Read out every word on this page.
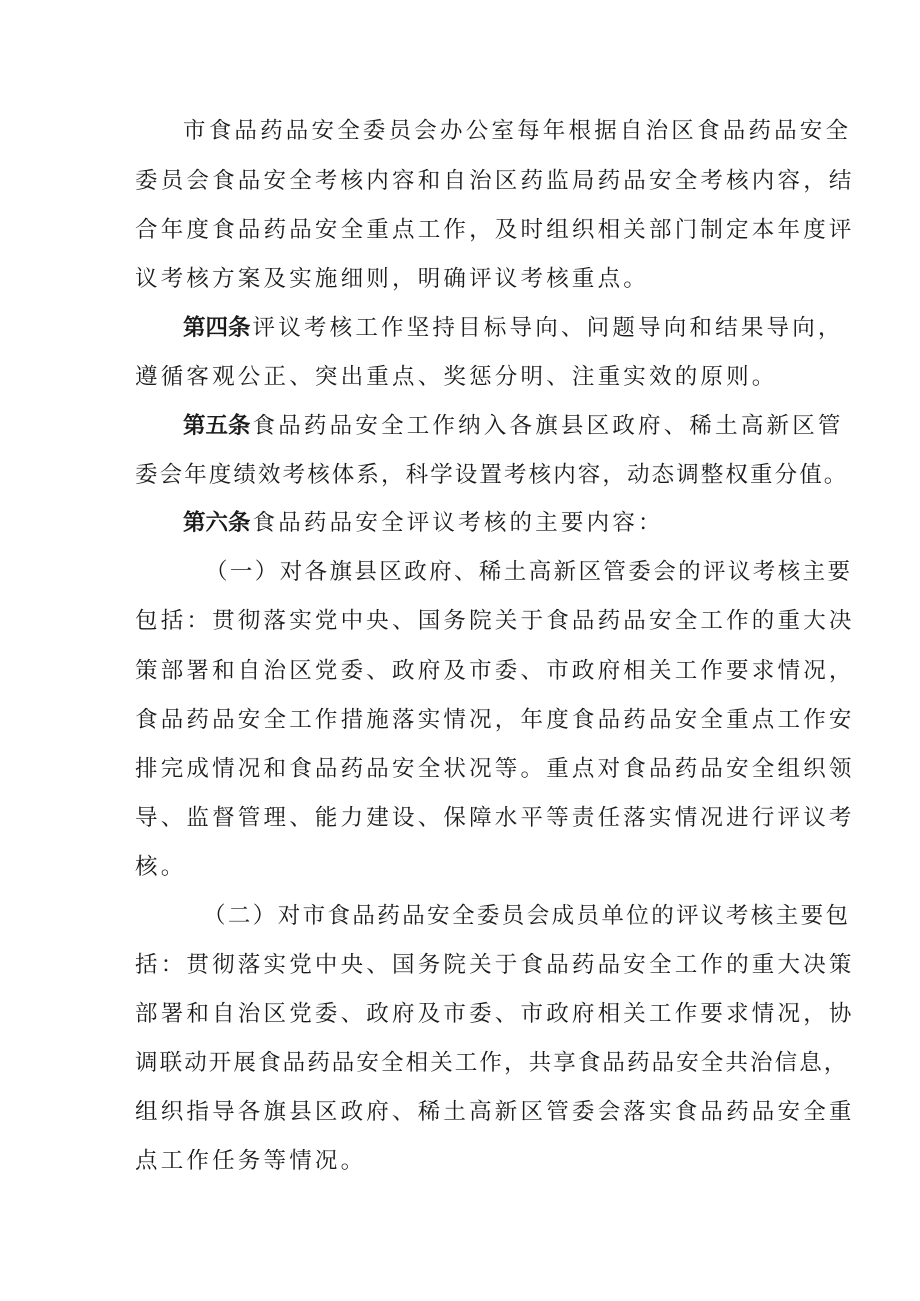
市食品药品安全委员会办公室每年根据自治区食品药品安全
委员会食品安全考核内容和自治区药监局药品安全考核内容，结
合年度食品药品安全重点工作，及时组织相关部门制定本年度评
议考核方案及实施细则，明确评议考核重点。
第四条评议考核工作坚持目标导向、问题导向和结果导向，
遵循客观公正、突出重点、奖惩分明、注重实效的原则。
第五条食品药品安全工作纳入各旗县区政府、稀土高新区管
委会年度绩效考核体系，科学设置考核内容，动态调整权重分值。
第六条食品药品安全评议考核的主要内容：
（一）对各旗县区政府、稀土高新区管委会的评议考核主要
包括：贯彻落实党中央、国务院关于食品药品安全工作的重大决
策部署和自治区党委、政府及市委、市政府相关工作要求情况，
食品药品安全工作措施落实情况，年度食品药品安全重点工作安
排完成情况和食品药品安全状况等。重点对食品药品安全组织领
导、监督管理、能力建设、保障水平等责任落实情况进行评议考
核。
（二）对市食品药品安全委员会成员单位的评议考核主要包
括：贯彻落实党中央、国务院关于食品药品安全工作的重大决策
部署和自治区党委、政府及市委、市政府相关工作要求情况，协
调联动开展食品药品安全相关工作，共享食品药品安全共治信息，
组织指导各旗县区政府、稀土高新区管委会落实食品药品安全重
点工作任务等情况。
